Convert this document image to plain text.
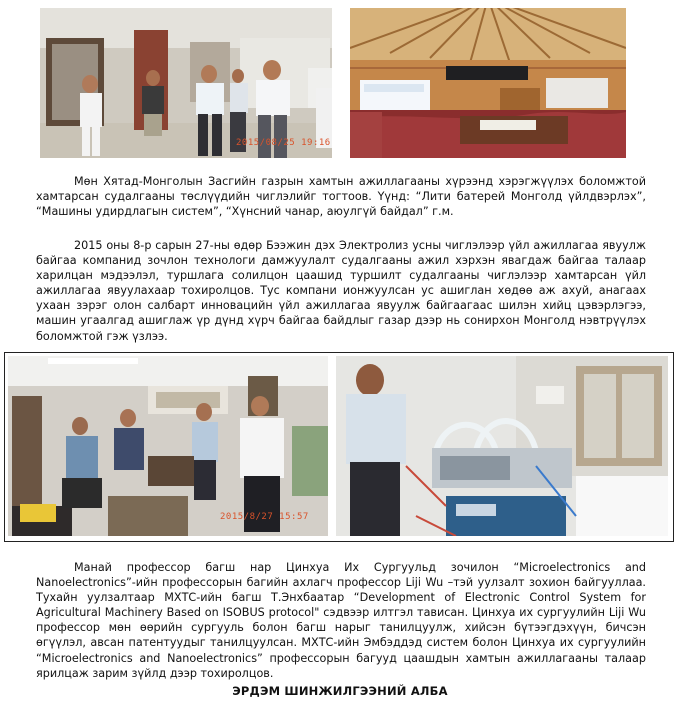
2015/08/25 19:16

Мөн Хятад-Монголын Засгийн газрын хамтын ажиллагааны хүрээнд хэрэгжүүлэх боломжтой хамтарсан судалгааны төслүүдийн чиглэлийг тогтоов. Үүнд: “Лити батерей Монголд үйлдвэрлэх”, “Машины удирдлагын систем”, “Хүнсний чанар, аюулгүй байдал” г.м.

2015 оны 8-р сарын 27-ны өдөр Бээжин дэх Электролиз усны чиглэлээр үйл ажиллагаа явуулж байгаа компанид зочлон технологи дамжуулалт судалгааны ажил хэрхэн явагдаж байгаа талаар харилцан мэдээлэл, туршлага солилцон цаашид туршилт судалгааны чиглэлээр хамтарсан үйл ажиллагаа явуулахаар тохиролцов. Тус компани ионжуулсан ус ашиглан хөдөө аж ахуй, анагаах ухаан зэрэг олон салбарт инновацийн үйл ажиллагаа явуулж байгаагаас шилэн хийц цэвэрлэгээ, машин угаалгад ашиглаж үр дүнд хүрч байгаа байдлыг газар дээр нь сонирхон Монголд нэвтрүүлэх боломжтой гэж үзлээ.

2015/8/27 15:57

Манай профессор багш нар Цинхуа Их Сургуульд зочилон “Microelectronics and Nanoelectronics”-ийн профессорын багийн ахлагч профессор Liji Wu –тэй уулзалт зохион байгууллаа. Тухайн уулзалтаар МХТС-ийн багш Т.Энхбаатар “Development of Electronic Control System for Agricultural Machinery Based on ISOBUS protocol" сэдвээр илтгэл тависан. Цинхуа их сургуулийн Liji Wu профессор мөн өөрийн сургууль болон багш нарыг танилцуулж, хийсэн бүтээгдэхүүн, бичсэн өгүүлэл, авсан патентуудыг танилцуулсан. МХТС-ийн Эмбэддэд систем болон Цинхуа их сургуулийн “Microelectronics and Nanoelectronics” профессорын багууд цаашдын хамтын ажиллагааны талаар ярилцаж зарим зүйлд дээр тохиролцов.

ЭРДЭМ ШИНЖИЛГЭЭНИЙ АЛБА
